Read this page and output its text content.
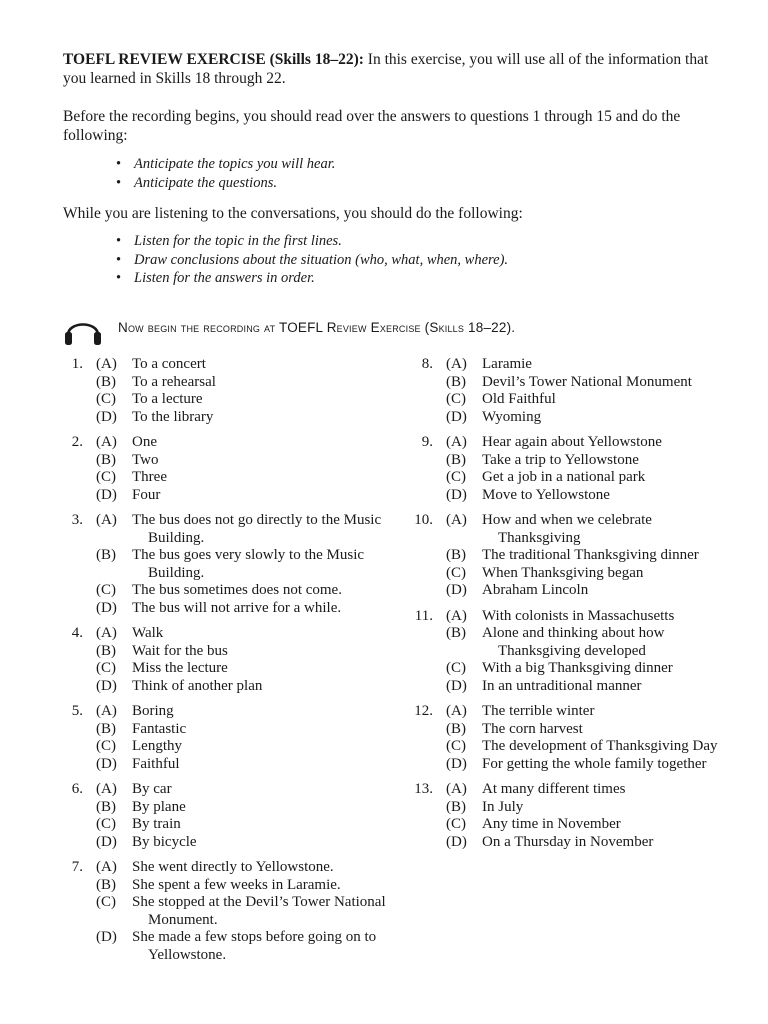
TOEFL REVIEW EXERCISE (Skills 18–22): In this exercise, you will use all of the information that you learned in Skills 18 through 22.

Before the recording begins, you should read over the answers to questions 1 through 15 and do the following:

• Anticipate the topics you will hear.
• Anticipate the questions.

While you are listening to the conversations, you should do the following:

• Listen for the topic in the first lines.
• Draw conclusions about the situation (who, what, when, where).
• Listen for the answers in order.
Now begin the recording at TOEFL Review Exercise (Skills 18–22).
1. (A)	To a concert
(B)	To a rehearsal
(C)	To a lecture
(D)	To the library
2. (A)	One
(B)	Two
(C)	Three
(D)	Four
3. (A)	The bus does not go directly to the Music Building.
(B)	The bus goes very slowly to the Music Building.
(C)	The bus sometimes does not come.
(D)	The bus will not arrive for a while.
4. (A)	Walk
(B)	Wait for the bus
(C)	Miss the lecture
(D)	Think of another plan
5. (A)	Boring
(B)	Fantastic
(C)	Lengthy
(D)	Faithful
6. (A)	By car
(B)	By plane
(C)	By train
(D)	By bicycle
7. (A)	She went directly to Yellowstone.
(B)	She spent a few weeks in Laramie.
(C)	She stopped at the Devil’s Tower National Monument.
(D)	She made a few stops before going on to Yellowstone.
8. (A)	Laramie
(B)	Devil’s Tower National Monument
(C)	Old Faithful
(D)	Wyoming
9. (A)	Hear again about Yellowstone
(B)	Take a trip to Yellowstone
(C)	Get a job in a national park
(D)	Move to Yellowstone
10. (A)	How and when we celebrate Thanksgiving
(B)	The traditional Thanksgiving dinner
(C)	When Thanksgiving began
(D)	Abraham Lincoln
11. (A)	With colonists in Massachusetts
(B)	Alone and thinking about how Thanksgiving developed
(C)	With a big Thanksgiving dinner
(D)	In an untraditional manner
12. (A)	The terrible winter
(B)	The corn harvest
(C)	The development of Thanksgiving Day
(D)	For getting the whole family together
13. (A)	At many different times
(B)	In July
(C)	Any time in November
(D)	On a Thursday in November
